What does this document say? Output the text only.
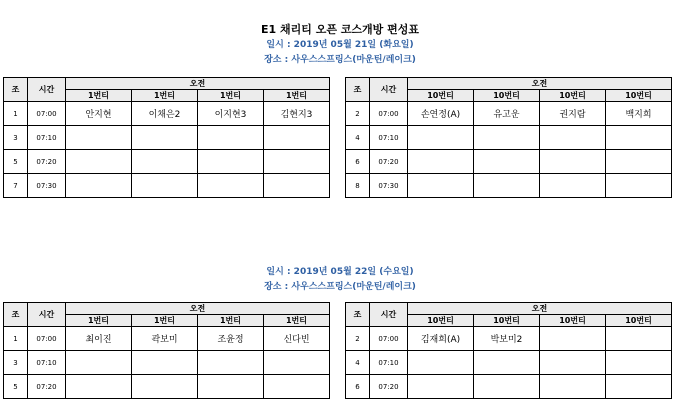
E1 채리티 오픈 코스개방 편성표
일시 : 2019년 05월 21일 (화요일)
장소 : 사우스스프링스(마운틴/레이크)
조	시간	오전			
		1번티	1번티	1번티	1번티
1	07:00	안지현	이채은2	이지현3	김현지3
3	07:10				
5	07:20				
7	07:30				
조	시간	오전			
		10번티	10번티	10번티	10번티
2	07:00	손연정(A)	유고운	권지람	백지희
4	07:10				
6	07:20				
8	07:30				
일시 : 2019년 05월 22일 (수요일)
장소 : 사우스스프링스(마운틴/레이크)
조	시간	오전			
		1번티	1번티	1번티	1번티
1	07:00	최이진	곽보미	조윤정	신다빈
3	07:10				
5	07:20				
조	시간	오전			
		10번티	10번티	10번티	10번티
2	07:00	김재희(A)	박보미2		
4	07:10				
6	07:20				
